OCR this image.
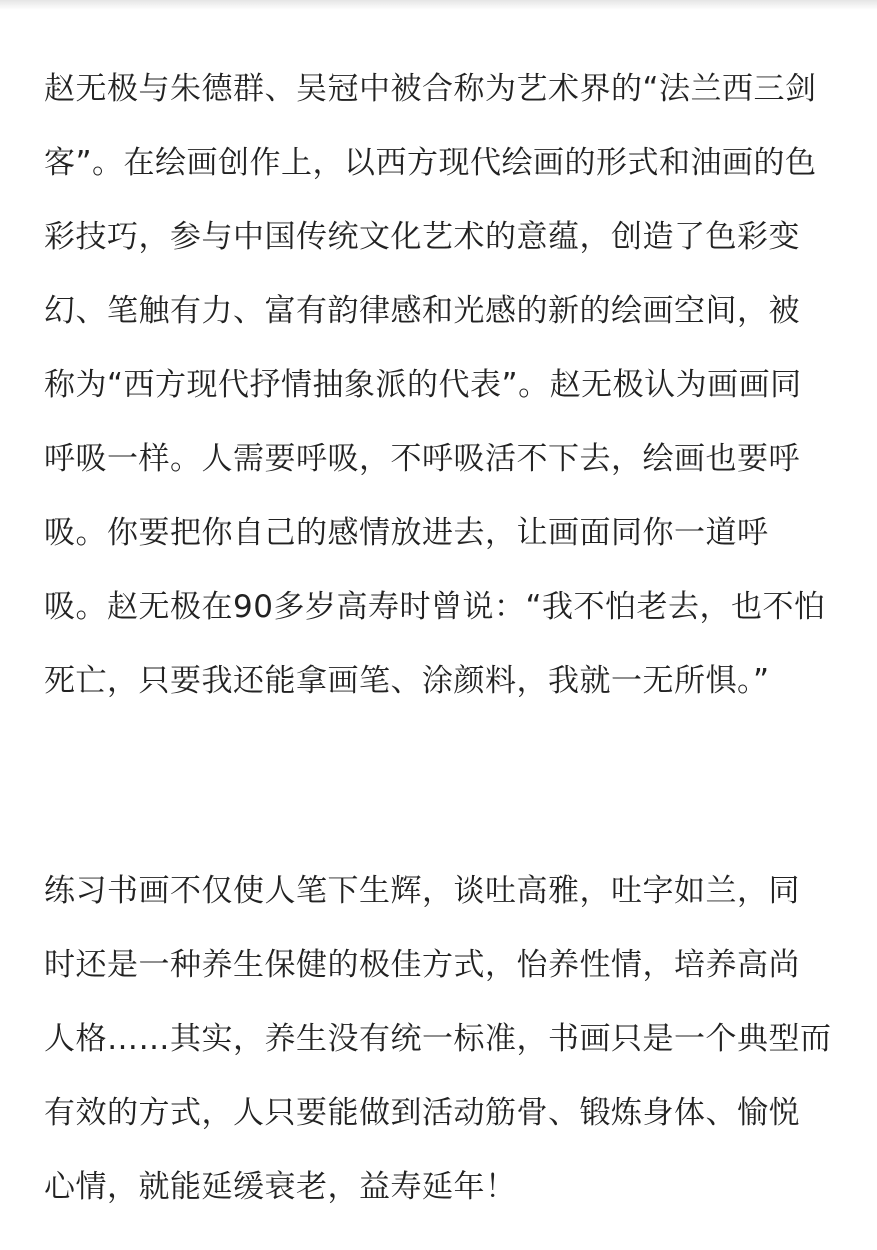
赵无极与朱德群、吴冠中被合称为艺术界的“法兰西三剑
客”。在绘画创作上，以西方现代绘画的形式和油画的色
彩技巧，参与中国传统文化艺术的意蕴，创造了色彩变
幻、笔触有力、富有韵律感和光感的新的绘画空间，被
称为“西方现代抒情抽象派的代表”。赵无极认为画画同
呼吸一样。人需要呼吸，不呼吸活不下去，绘画也要呼
吸。你要把你自己的感情放进去，让画面同你一道呼
吸。赵无极在90多岁高寿时曾说：“我不怕老去，也不怕
死亡，只要我还能拿画笔、涂颜料，我就一无所惧。”
练习书画不仅使人笔下生辉，谈吐高雅，吐字如兰，同
时还是一种养生保健的极佳方式，怡养性情，培养高尚
人格……其实，养生没有统一标准，书画只是一个典型而
有效的方式，人只要能做到活动筋骨、锻炼身体、愉悦
心情，就能延缓衰老，益寿延年！
